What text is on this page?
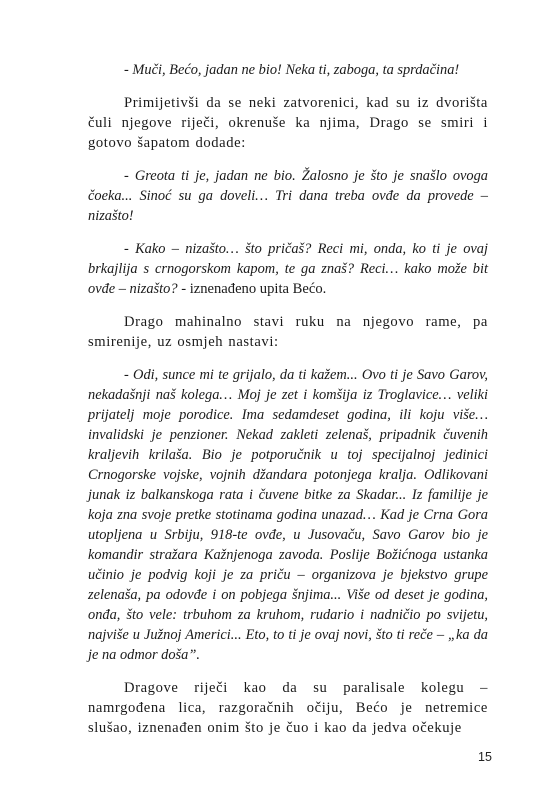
- Muči, Bećo, jadan ne bio! Neka ti, zaboga, ta sprdačina!

Primijetivši da se neki zatvorenici, kad su iz dvorišta čuli njegove riječi, okrenuše ka njima, Drago se smiri i gotovo šapatom dodade:

- Greota ti je, jadan ne bio. Žalosno je što je snašlo ovoga čoeka... Sinoć su ga doveli… Tri dana treba ovđe da provede – nizašto!

- Kako – nizašto… što pričaš? Reci mi, onda, ko ti je ovaj brkajlija s crnogorskom kapom, te ga znaš? Reci… kako može bit ovđe – nizašto? - iznenađeno upita Bećo.

Drago mahinalno stavi ruku na njegovo rame, pa smirenije, uz osmjeh nastavi:

- Odi, sunce mi te grijalo, da ti kažem... Ovo ti je Savo Garov, nekadašnji naš kolega… Moj je zet i komšija iz Troglavice… veliki prijatelj moje porodice. Ima sedamdeset godina, ili koju više… invalidski je penzioner. Nekad zakleti zelenaš, pripadnik čuvenih kraljevih krilaša. Bio je potporučnik u toj specijalnoj jedinici Crnogorske vojske, vojnih džandara potonjega kralja. Odlikovani junak iz balkanskoga rata i čuvene bitke za Skadar... Iz familije je koja zna svoje pretke stotinama godina unazad… Kad je Crna Gora utopljena u Srbiju, 918-te ovđe, u Jusovaču, Savo Garov bio je komandir stražara Kažnjenoga zavoda. Poslije Božićnoga ustanka učinio je podvig koji je za priču – organizova je bjekstvo grupe zelenaša, pa odovđe i on pobjega šnjima... Više od deset je godina, onđa, što vele: trbuhom za kruhom, rudario i nadničio po svijetu, najviše u Južnoj Americi... Eto, to ti je ovaj novi, što ti reče – „ka da je na odmor doša”.

Dragove riječi kao da su paralisale kolegu – namrgođena lica, razgoračnih očiju, Bećo je netremice slušao, iznenađen onim što je čuo i kao da jedva očekuje

15
